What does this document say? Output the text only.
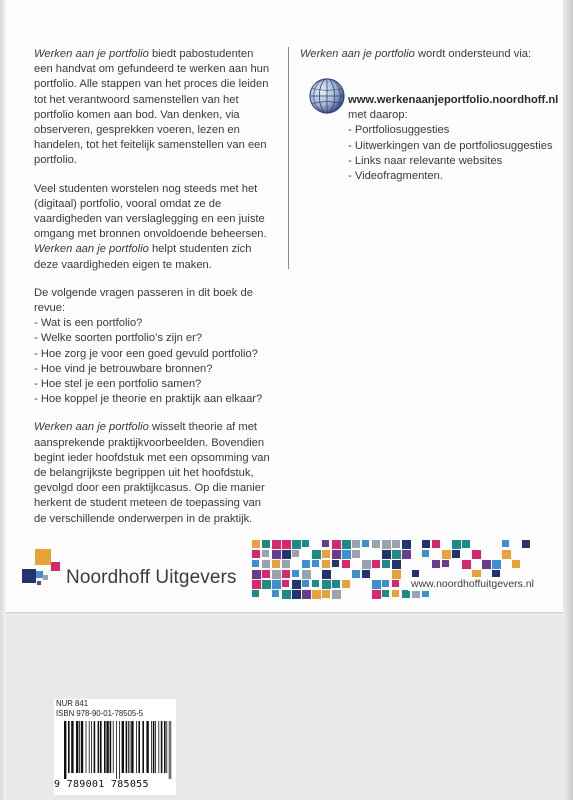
Werken aan je portfolio biedt pabostudenten een handvat om gefundeerd te werken aan hun portfolio. Alle stappen van het proces die leiden tot het verantwoord samenstellen van het portfolio komen aan bod. Van denken, via observeren, gesprekken voeren, lezen en handelen, tot het feitelijk samenstellen van een portfolio.

Veel studenten worstelen nog steeds met het (digitaal) portfolio, vooral omdat ze de vaardigheden van verslaglegging en een juiste omgang met bronnen onvoldoende beheersen. Werken aan je portfolio helpt studenten zich deze vaardigheden eigen te maken.

De volgende vragen passeren in dit boek de revue:

- Wat is een portfolio?
- Welke soorten portfolio’s zijn er?
- Hoe zorg je voor een goed gevuld portfolio?
- Hoe vind je betrouwbare bronnen?
- Hoe stel je een portfolio samen?
- Hoe koppel je theorie en praktijk aan elkaar?

Werken aan je portfolio wisselt theorie af met aansprekende praktijkvoorbeelden. Bovendien begint ieder hoofdstuk met een opsomming van de belangrijkste begrippen uit het hoofdstuk, gevolgd door een praktijkcasus. Op die manier herkent de student meteen de toepassing van de verschillende onderwerpen in de praktijk.

Werken aan je portfolio wordt ondersteund via:

www.werkenaanjeportfolio.noordhoff.nl
met daarop:
- Portfoliosuggesties
- Uitwerkingen van de portfoliosuggesties
- Links naar relevante websites
- Videofragmenten.
Noordhoff Uitgevers	www.noordhoffuitgevers.nl
NUR 841
ISBN 978-90-01-78505-5
9 789001 785055
